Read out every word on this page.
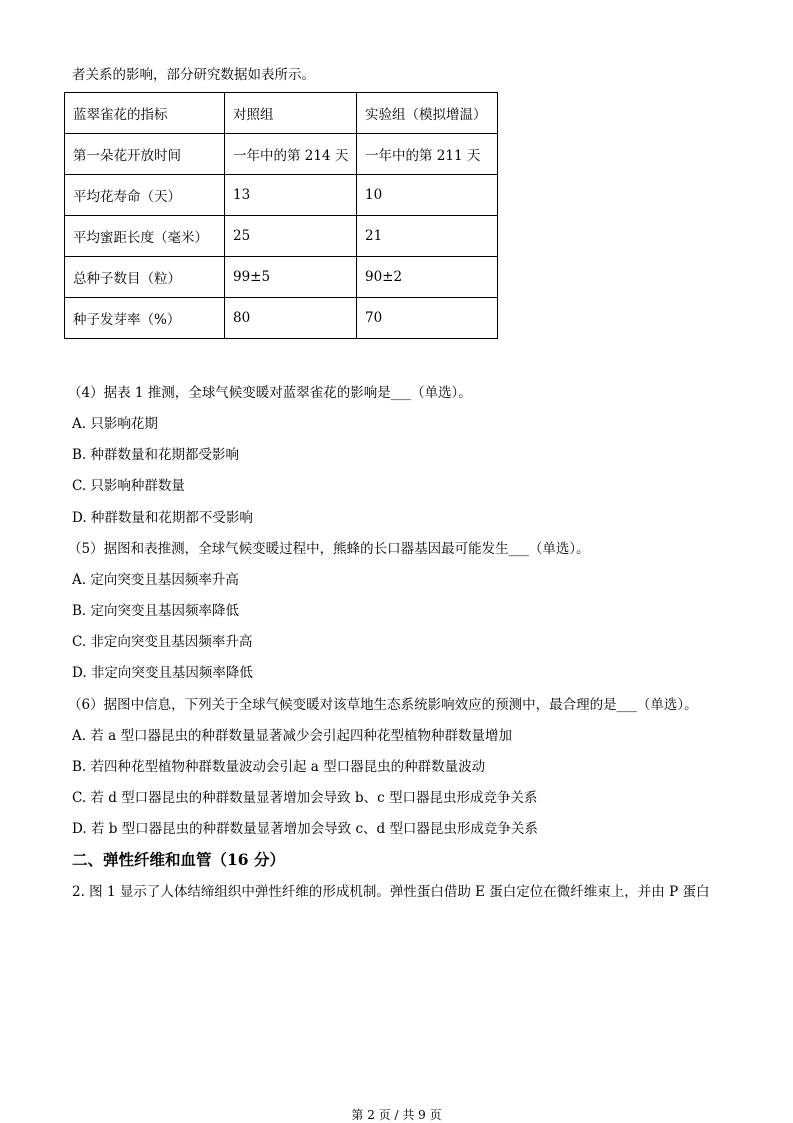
者关系的影响，部分研究数据如表所示。
蓝翠雀花的指标	对照组	实验组（模拟增温）
第一朵花开放时间	一年中的第 214 天	一年中的第 211 天
平均花寿命（天）	13	10
平均蜜距长度（毫米）	25	21
总种子数目（粒）	99±5	90±2
种子发芽率（%）	80	70
（4）据表 1 推测，全球气候变暖对蓝翠雀花的影响是___（单选）。
A. 只影响花期
B. 种群数量和花期都受影响
C. 只影响种群数量
D. 种群数量和花期都不受影响
（5）据图和表推测，全球气候变暖过程中，熊蜂的长口器基因最可能发生___（单选）。
A. 定向突变且基因频率升高
B. 定向突变且基因频率降低
C. 非定向突变且基因频率升高
D. 非定向突变且基因频率降低
（6）据图中信息，下列关于全球气候变暖对该草地生态系统影响效应的预测中，最合理的是___（单选）。
A. 若 a 型口器昆虫的种群数量显著减少会引起四种花型植物种群数量增加
B. 若四种花型植物种群数量波动会引起 a 型口器昆虫的种群数量波动
C. 若 d 型口器昆虫的种群数量显著增加会导致 b、c 型口器昆虫形成竞争关系
D. 若 b 型口器昆虫的种群数量显著增加会导致 c、d 型口器昆虫形成竞争关系
二、弹性纤维和血管（16 分）
2. 图 1 显示了人体结缔组织中弹性纤维的形成机制。弹性蛋白借助 E 蛋白定位在微纤维束上，并由 P 蛋白
第 2 页 / 共 9 页
